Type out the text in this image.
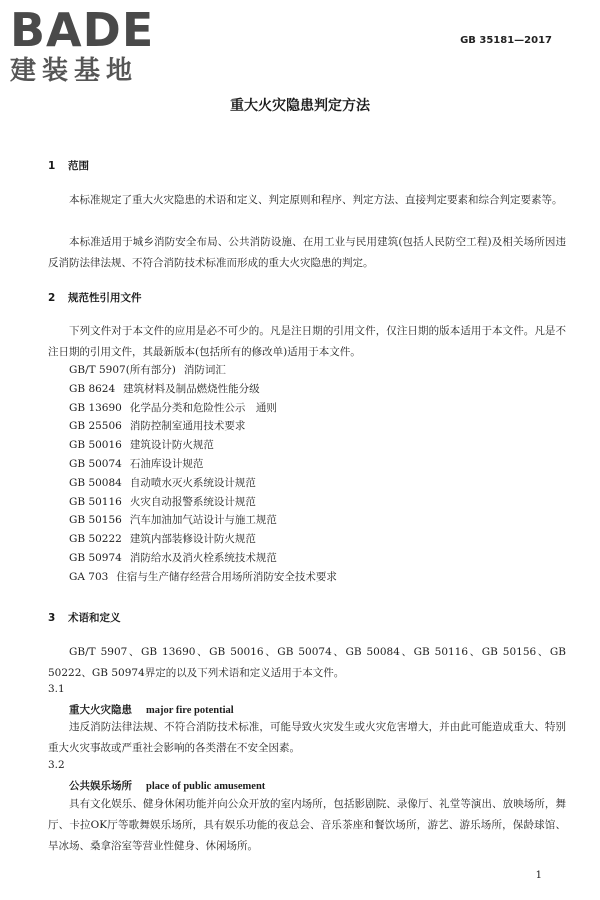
BADE
建装基地
GB 35181—2017
重大火灾隐患判定方法
1 范围
本标准规定了重大火灾隐患的术语和定义、判定原则和程序、判定方法、直接判定要素和综合判定要素等。
本标准适用于城乡消防安全布局、公共消防设施、在用工业与民用建筑(包括人民防空工程)及相关场所因违反消防法律法规、不符合消防技术标准而形成的重大火灾隐患的判定。
2 规范性引用文件
下列文件对于本文件的应用是必不可少的。凡是注日期的引用文件，仅注日期的版本适用于本文件。凡是不注日期的引用文件，其最新版本(包括所有的修改单)适用于本文件。
GB/T 5907(所有部分) 消防词汇
GB 8624 建筑材料及制品燃烧性能分级
GB 13690 化学品分类和危险性公示　通则
GB 25506 消防控制室通用技术要求
GB 50016 建筑设计防火规范
GB 50074 石油库设计规范
GB 50084 自动喷水灭火系统设计规范
GB 50116 火灾自动报警系统设计规范
GB 50156 汽车加油加气站设计与施工规范
GB 50222 建筑内部装修设计防火规范
GB 50974 消防给水及消火栓系统技术规范
GA 703 住宿与生产储存经营合用场所消防安全技术要求
3 术语和定义
GB/T 5907、GB 13690、GB 50016、GB 50074、GB 50084、GB 50116、GB 50156、GB 50222、GB 50974界定的以及下列术语和定义适用于本文件。
3.1
重大火灾隐患 major fire potential
违反消防法律法规、不符合消防技术标准，可能导致火灾发生或火灾危害增大，并由此可能造成重大、特别重大火灾事故或严重社会影响的各类潜在不安全因素。
3.2
公共娱乐场所 place of public amusement
具有文化娱乐、健身休闲功能并向公众开放的室内场所，包括影剧院、录像厅、礼堂等演出、放映场所，舞厅、卡拉OK厅等歌舞娱乐场所，具有娱乐功能的夜总会、音乐茶座和餐饮场所，游艺、游乐场所，保龄球馆、旱冰场、桑拿浴室等营业性健身、休闲场所。
1
